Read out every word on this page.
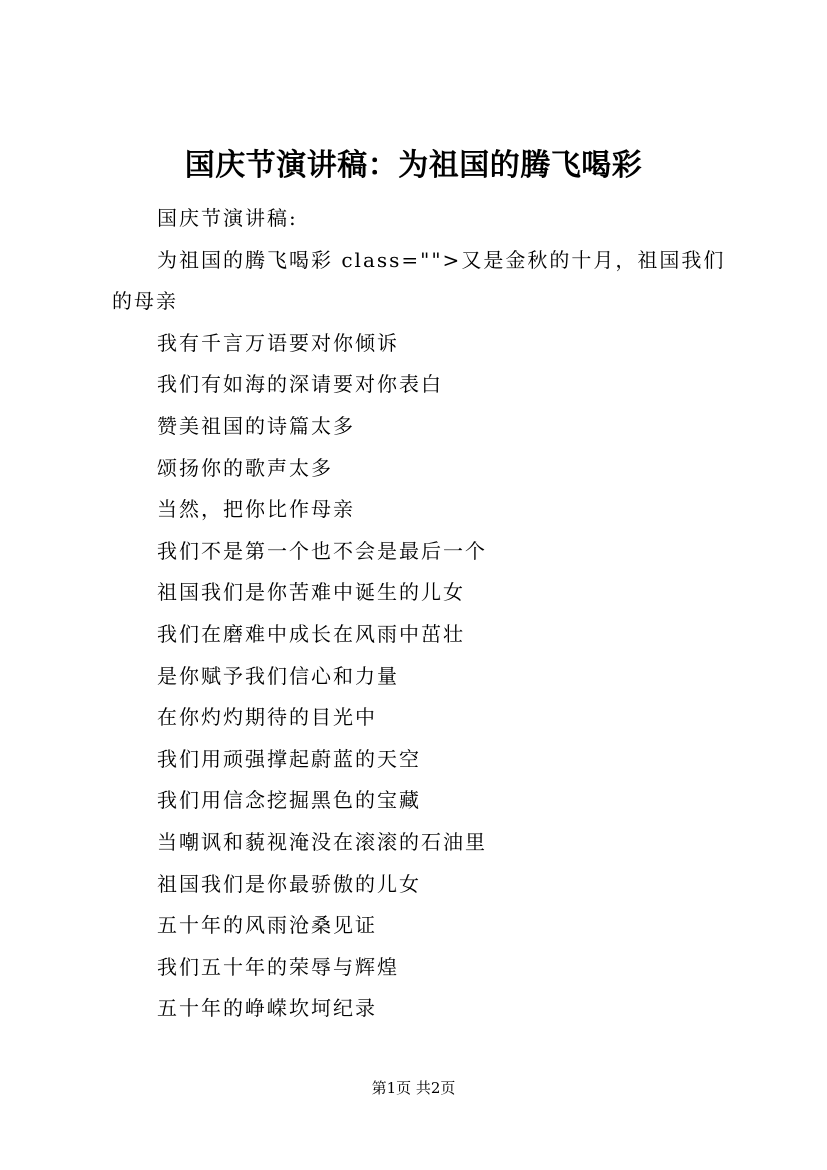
国庆节演讲稿：为祖国的腾飞喝彩
国庆节演讲稿:
为祖国的腾飞喝彩 class="">又是金秋的十月，祖国我们的母亲
我有千言万语要对你倾诉
我们有如海的深请要对你表白
赞美祖国的诗篇太多
颂扬你的歌声太多
当然，把你比作母亲
我们不是第一个也不会是最后一个
祖国我们是你苦难中诞生的儿女
我们在磨难中成长在风雨中茁壮
是你赋予我们信心和力量
在你灼灼期待的目光中
我们用顽强撑起蔚蓝的天空
我们用信念挖掘黑色的宝藏
当嘲讽和藐视淹没在滚滚的石油里
祖国我们是你最骄傲的儿女
五十年的风雨沧桑见证
我们五十年的荣辱与辉煌
五十年的峥嵘坎坷纪录
第1页 共2页
